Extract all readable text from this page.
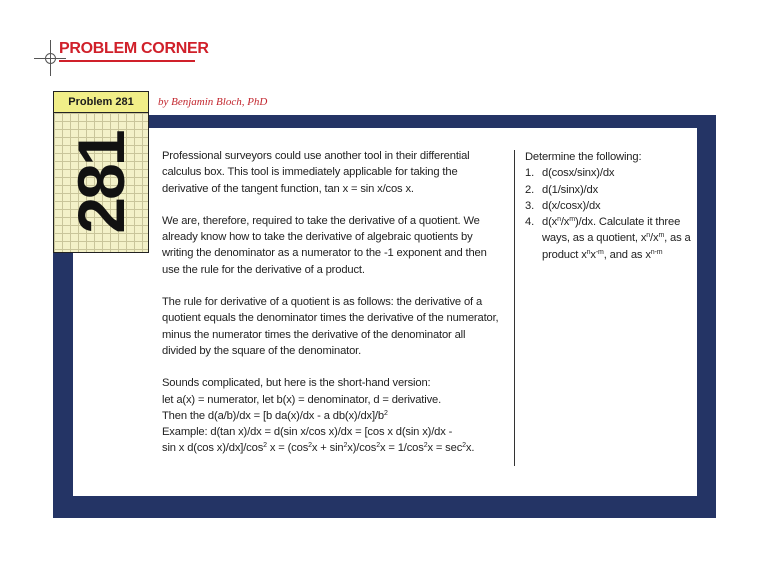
PROBLEM CORNER
Problem 281	by Benjamin Bloch, PhD
281 Professional surveyors could use another tool in their differential calculus box. This tool is immediately applicable for taking the derivative of the tangent function, tan x = sin x/cos x.

We are, therefore, required to take the derivative of a quotient. We already know how to take the derivative of algebraic quotients by writing the denominator as a numerator to the -1 exponent and then use the rule for the derivative of a product.

The rule for derivative of a quotient is as follows: the derivative of a quotient equals the denominator times the derivative of the numerator, minus the numerator times the derivative of the denominator all divided by the square of the denominator.

Sounds complicated, but here is the short-hand version:
let a(x) = numerator, let b(x) = denominator, d = derivative.
Then the d(a/b)/dx = [b da(x)/dx - a $db(x)/dx]/b^2$
Example: d(tan x)/dx = d(sin x/cos x)/dx = [cos x d(sin x)/dx -
sin x d(cos $x)/dx]/\cos^2$ $x = (\cos^2x + \sin^2x)/\cos^2x = 1/\cos^2x = \sec^2x$.

Determine the following:
1. d(cosx/sinx)/dx
2. d(1/sinx)/dx
3. d(x/cosx)/dx
4. $d(x^n/x^m)/dx$. Calculate it three ways, as a quotient, $x^n/x^m$, as a product $x^nx^{-m}$, and as $x^{n-m}$
